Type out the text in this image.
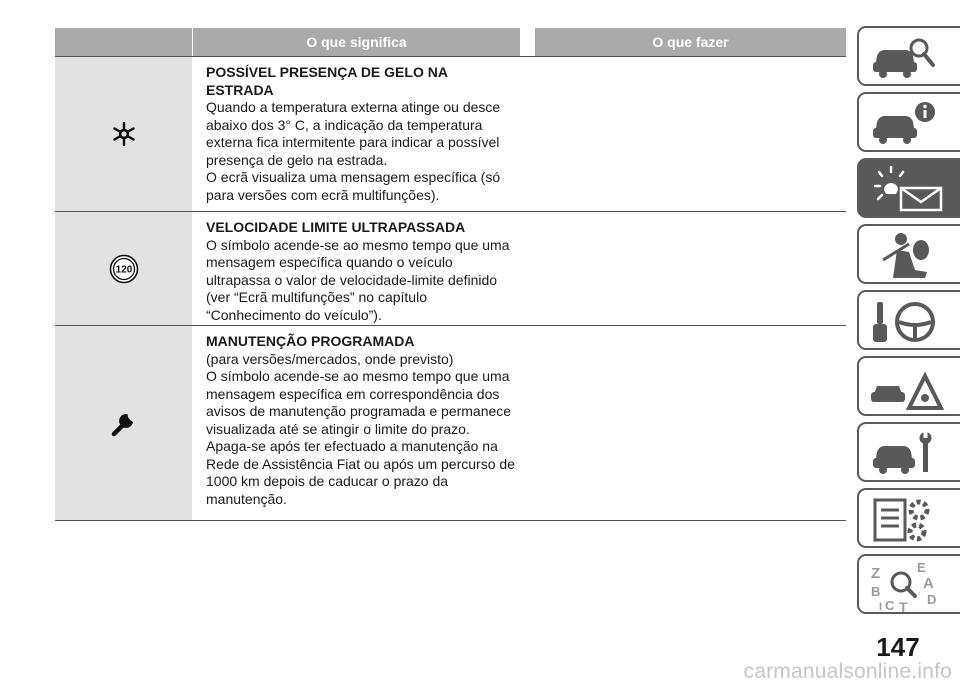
O que significa	O que fazer
POSSÍVEL PRESENÇA DE GELO NA
ESTRADA
Quando a temperatura externa atinge ou desce
abaixo dos 3° C, a indicação da temperatura
externa fica intermitente para indicar a possível
presença de gelo na estrada.
O ecrã visualiza uma mensagem específica (só
para versões com ecrã multifunções).
120
VELOCIDADE LIMITE ULTRAPASSADA
O símbolo acende-se ao mesmo tempo que uma
mensagem específica quando o veículo
ultrapassa o valor de velocidade-limite definido
(ver “Ecrã multifunções” no capítulo
“Conhecimento do veículo”).
MANUTENÇÃO PROGRAMADA
(para versões/mercados, onde previsto)
O símbolo acende-se ao mesmo tempo que uma
mensagem específica em correspondência dos
avisos de manutenção programada e permanece
visualizada até se atingir o limite do prazo.
Apaga-se após ter efectuado a manutenção na
Rede de Assistência Fiat ou após um percurso de
1000 km depois de caducar o prazo da
manutenção.
Z	E
A
B
C	D
T
I
147
carmanualsonline.info
